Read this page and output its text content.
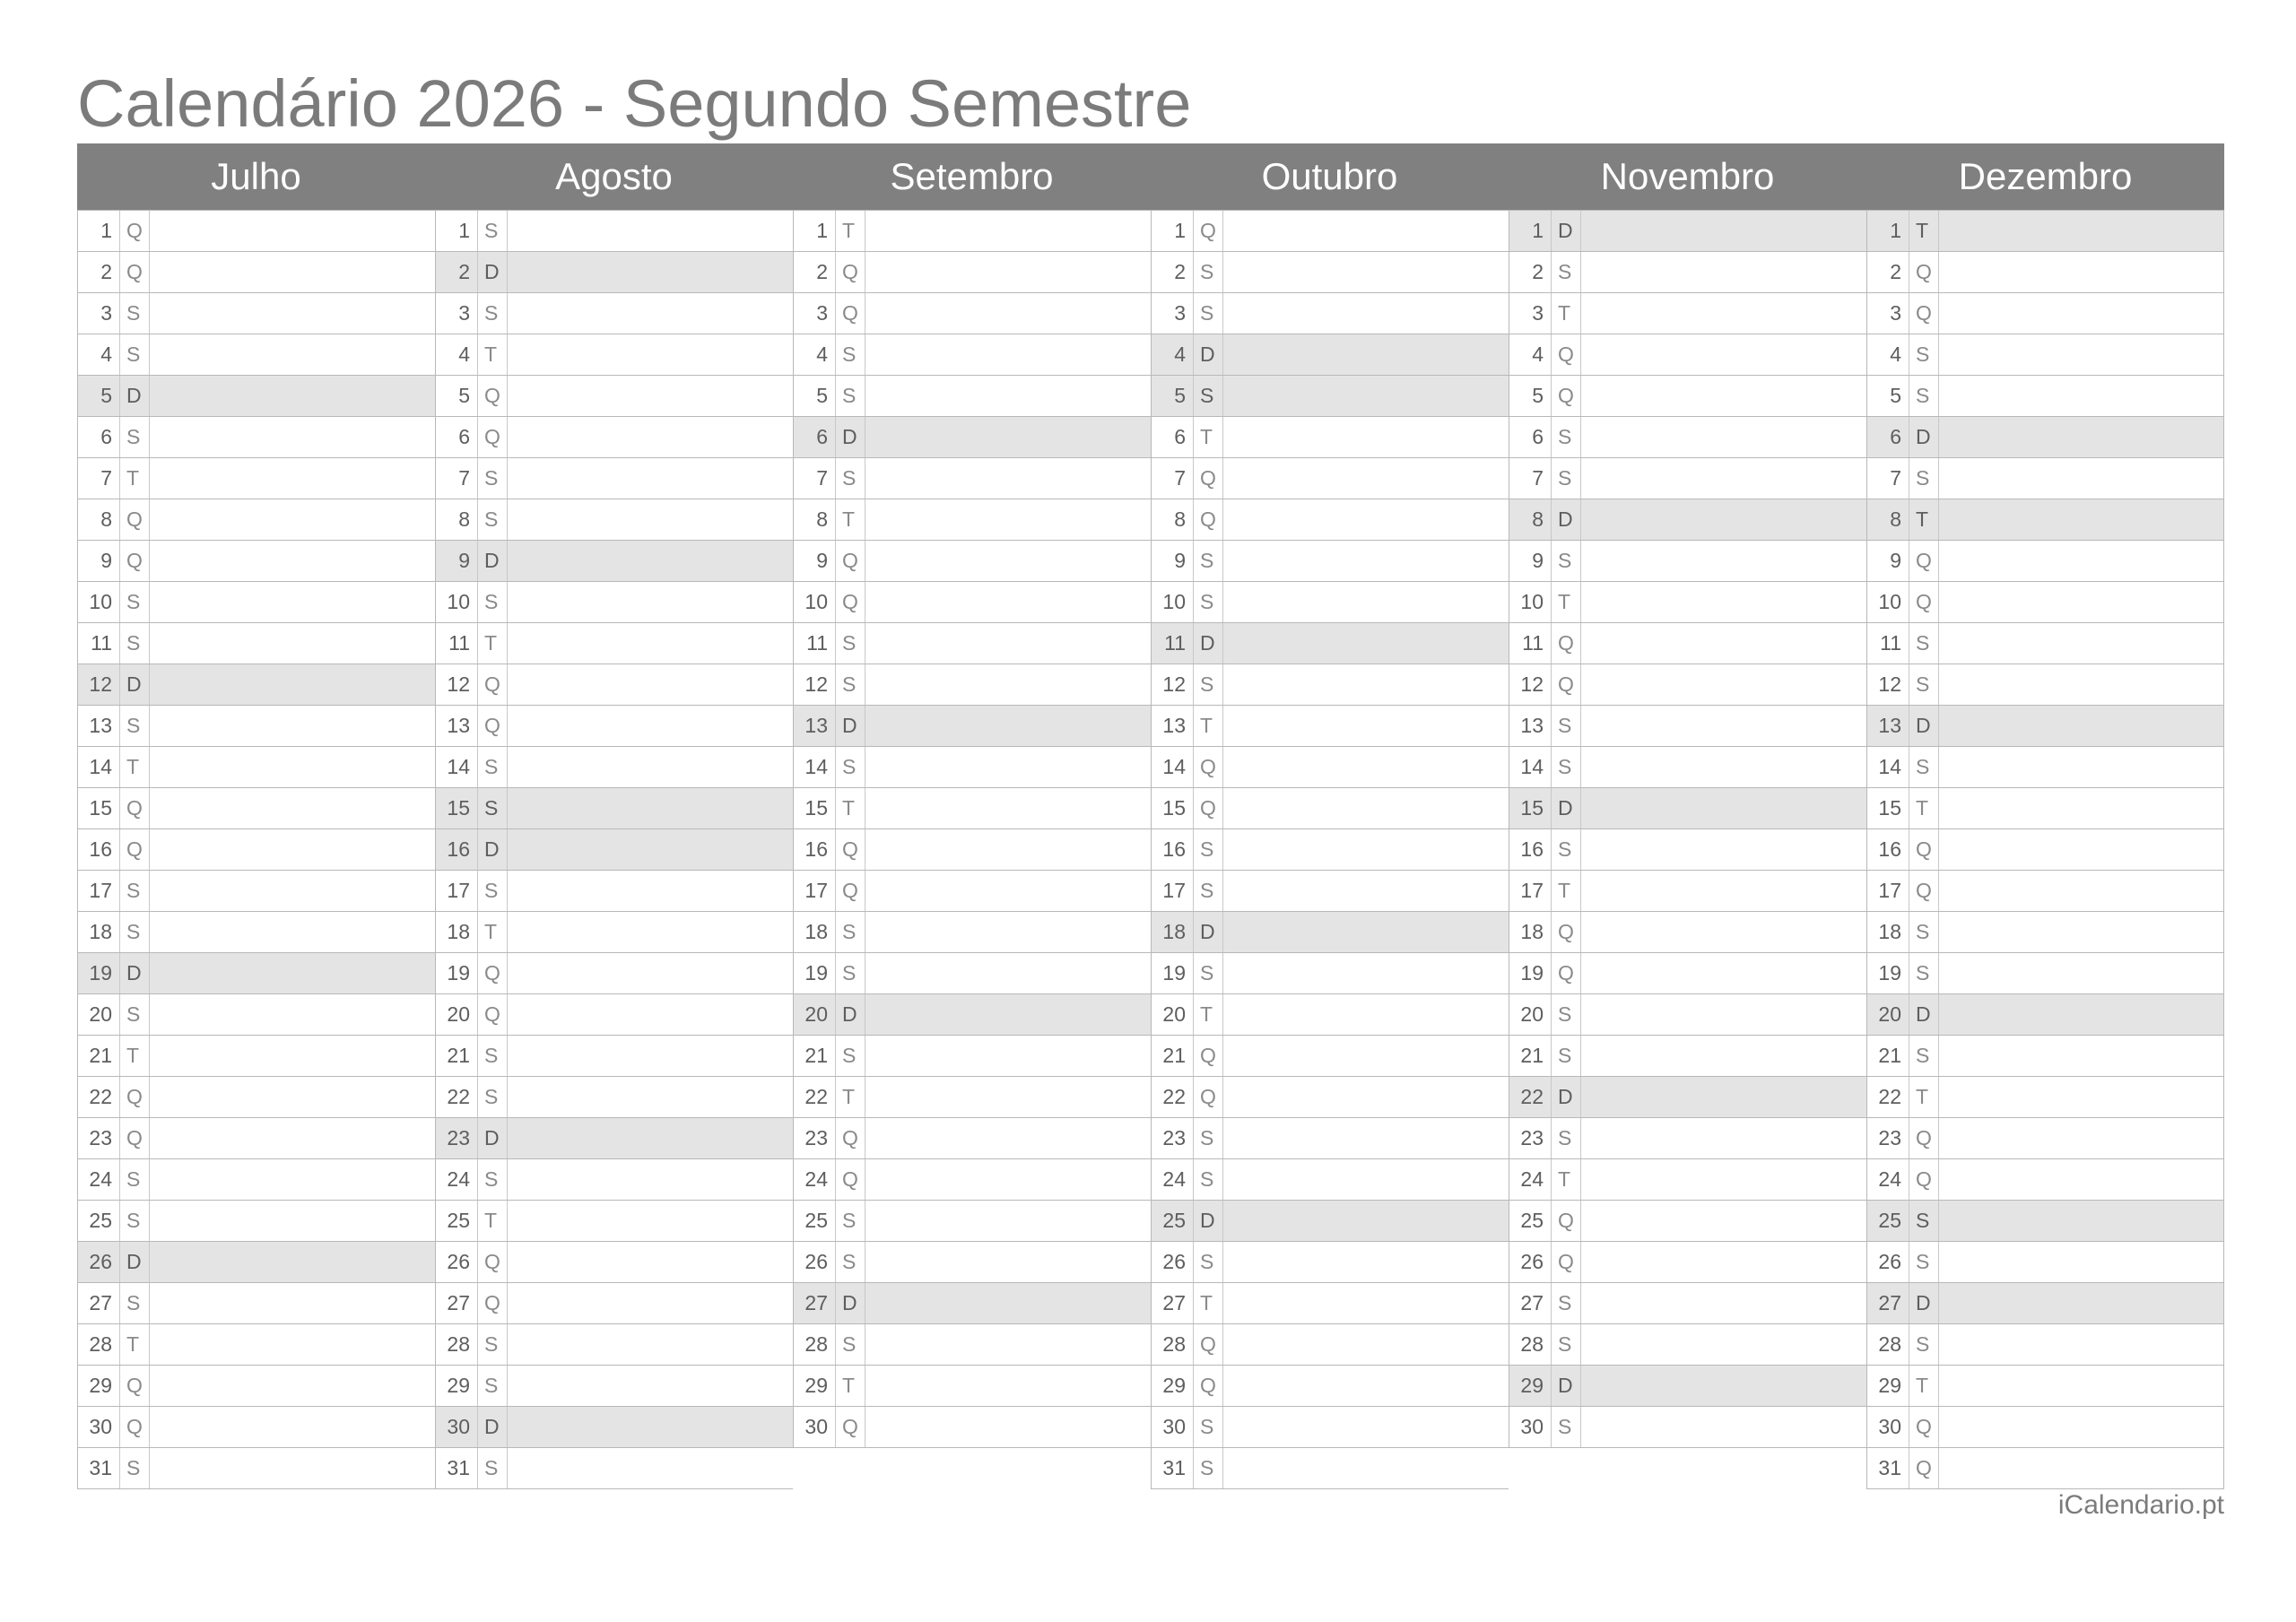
Calendário 2026 - Segundo Semestre
Julho
1 Q
2 Q
3 S
4 S
5 D
6 S
7 T
8 Q
9 Q
10 S
11 S
12 D
13 S
14 T
15 Q
16 Q
17 S
18 S
19 D
20 S
21 T
22 Q
23 Q
24 S
25 S
26 D
27 S
28 T
29 Q
30 Q
31 S
Agosto
1 S
2 D
3 S
4 T
5 Q
6 Q
7 S
8 S
9 D
10 S
11 T
12 Q
13 Q
14 S
15 S
16 D
17 S
18 T
19 Q
20 Q
21 S
22 S
23 D
24 S
25 T
26 Q
27 Q
28 S
29 S
30 D
31 S
Setembro
1 T
2 Q
3 Q
4 S
5 S
6 D
7 S
8 T
9 Q
10 Q
11 S
12 S
13 D
14 S
15 T
16 Q
17 Q
18 S
19 S
20 D
21 S
22 T
23 Q
24 Q
25 S
26 S
27 D
28 S
29 T
30 Q
Outubro
1 Q
2 S
3 S
4 D
5 S
6 T
7 Q
8 Q
9 S
10 S
11 D
12 S
13 T
14 Q
15 Q
16 S
17 S
18 D
19 S
20 T
21 Q
22 Q
23 S
24 S
25 D
26 S
27 T
28 Q
29 Q
30 S
31 S
Novembro
1 D
2 S
3 T
4 Q
5 Q
6 S
7 S
8 D
9 S
10 T
11 Q
12 Q
13 S
14 S
15 D
16 S
17 T
18 Q
19 Q
20 S
21 S
22 D
23 S
24 T
25 Q
26 Q
27 S
28 S
29 D
30 S
Dezembro
1 T
2 Q
3 Q
4 S
5 S
6 D
7 S
8 T
9 Q
10 Q
11 S
12 S
13 D
14 S
15 T
16 Q
17 Q
18 S
19 S
20 D
21 S
22 T
23 Q
24 Q
25 S
26 S
27 D
28 S
29 T
30 Q
31 Q
iCalendario.pt
